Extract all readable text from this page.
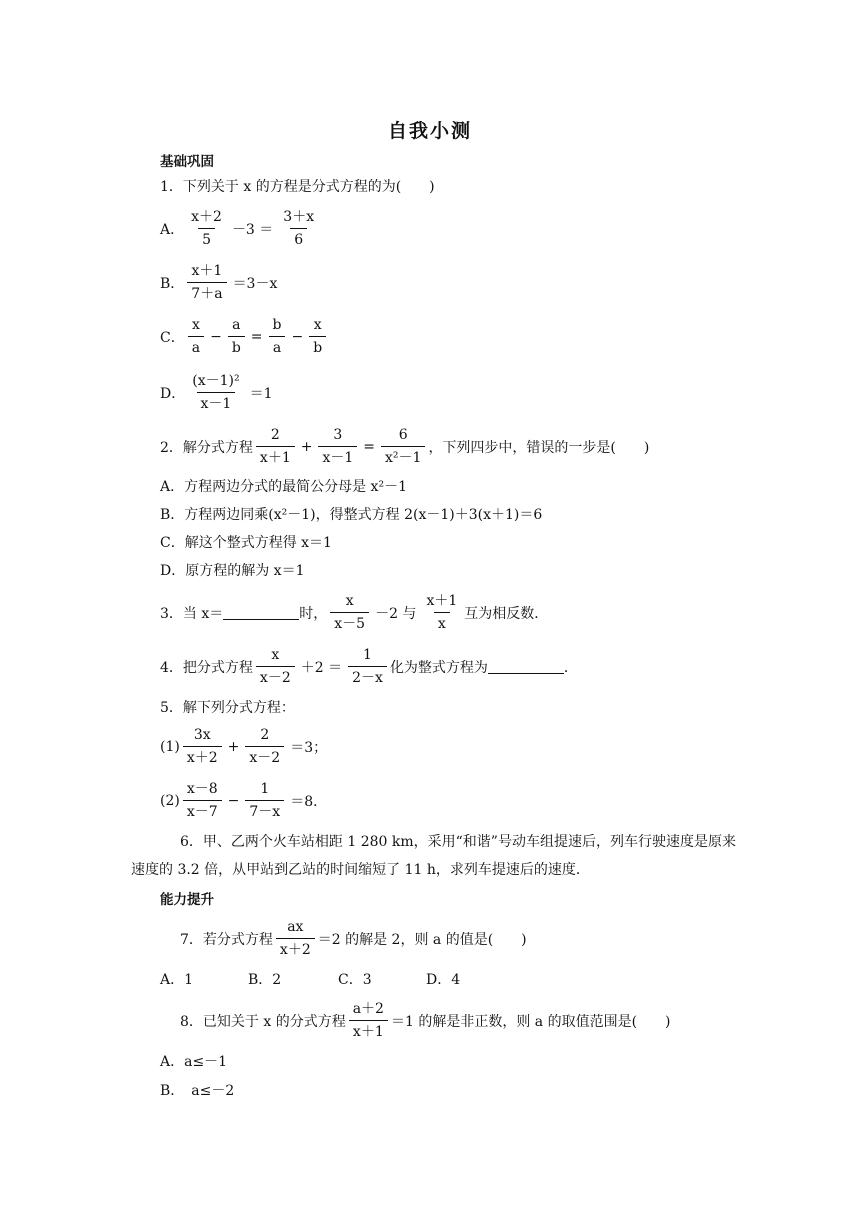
自我小测
基础巩固
1．下列关于 x 的方程是分式方程的为(　　)
A． $\frac{x+2}{5} -3 = \frac{3+x}{6}$
B． $\frac{x+1}{7+a} =3-x$
C． $\frac{x}{a} - \frac{a}{b} = \frac{b}{a} - \frac{x}{b}$
D． $\frac{\text{(x－1)²}}{x-1} =1$
2．解分式方程 $\frac{2}{x+1} + \frac{3}{x-1} = \frac{6}{\text{x²－1}}$ ，下列四步中，错误的一步是(　　)
A．方程两边分式的最简公分母是 x²－1
B．方程两边同乘(x²－1)，得整式方程 2(x－1)＋3(x＋1)＝6
C．解这个整式方程得 x＝1
D．原方程的解为 x＝1
3．当 x＝	时， $\frac{x}{x-5} -2$ 与 $\frac{x+1}{x}$ 互为相反数．
4．把分式方程 $\frac{x}{x-2} +2 = \frac{1}{2-x}$ 化为整式方程为	．
5．解下列分式方程：
$(1) \frac{3x}{x+2} + \frac{2}{x-2} =3$；
$(2) \frac{x-8}{x-7} - \frac{1}{7-x} =8$．
6．甲、乙两个火车站相距 1 280 km，采用“和谐”号动车组提速后，列车行驶速度是原来
速度的 3.2 倍，从甲站到乙站的时间缩短了 11 h，求列车提速后的速度．
能力提升
7．若分式方程 $\frac{ax}{x+2} =2$ 的解是 2，则 a 的值是(　　)
A．1	B．2	C．3	D．4
8．已知关于 x 的分式方程 $\frac{a+2}{x+1} =1$ 的解是非正数，则 a 的取值范围是(　　)
A．a≤－1
B．　a≤－2
